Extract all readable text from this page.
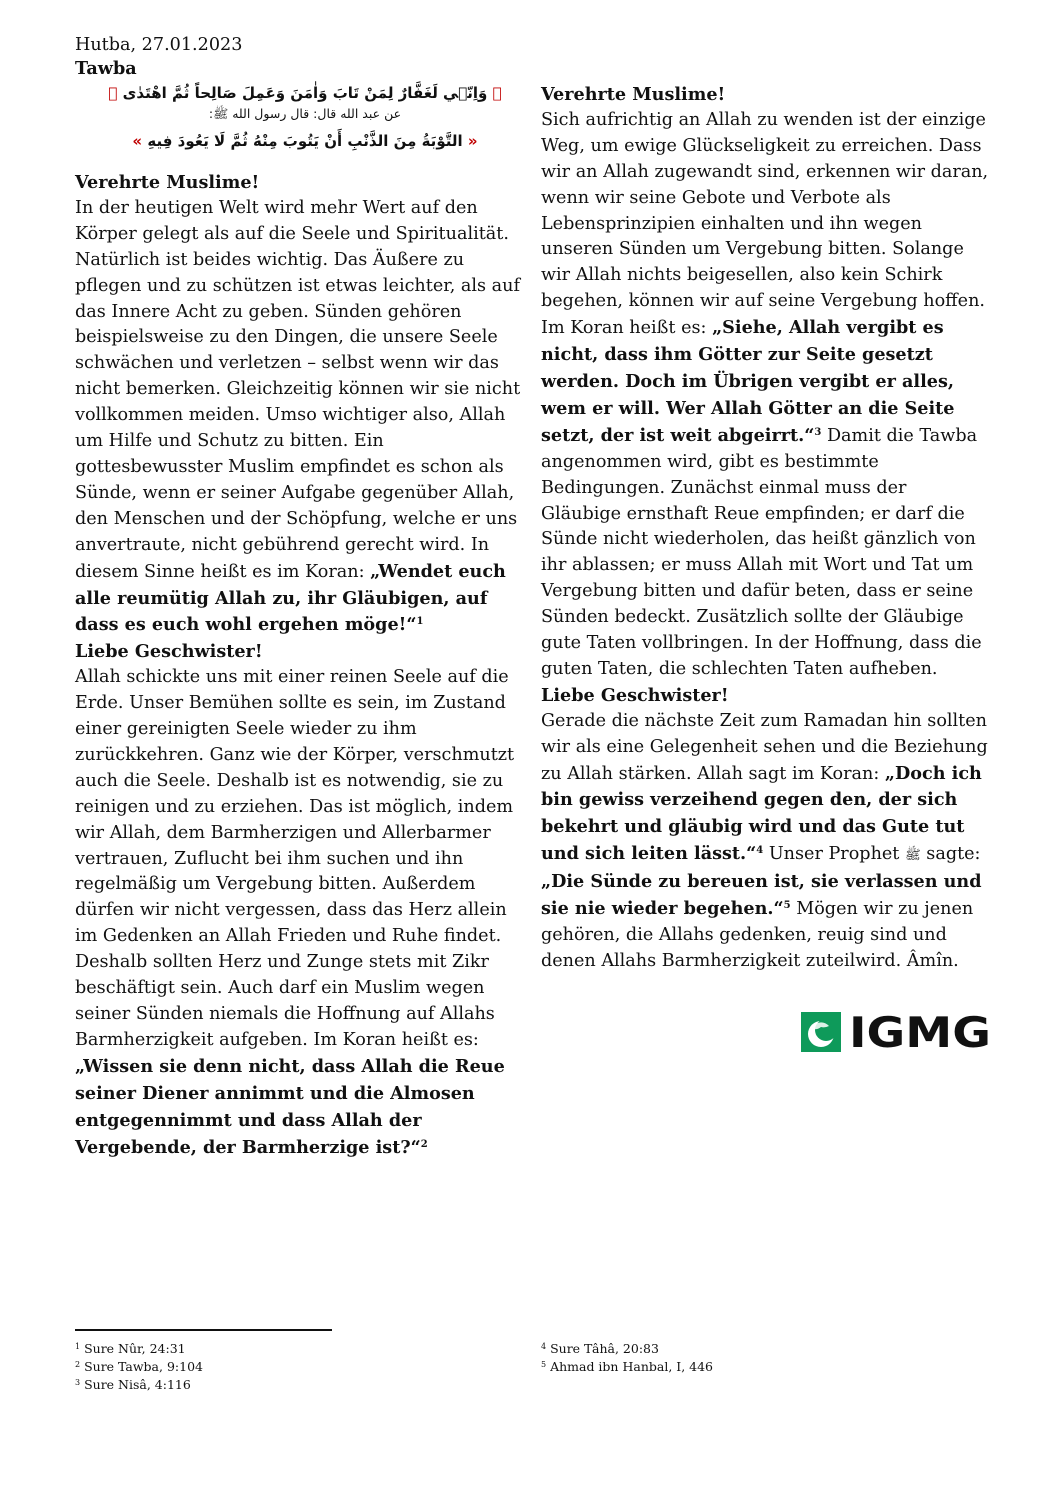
Hutba, 27.01.2023
Tawba
﴿ وَاِنّ۪ي لَغَفَّارٌ لِمَنْ تَابَ وَاٰمَنَ وَعَمِلَ صَالِحاً ثُمَّ اهْتَدٰى ﴾
عن عبد الله قال: قال رسول الله ﷺ:
« التَّوْبَةُ مِنَ الذَّنْبِ أَنْ يَتُوبَ مِنْهُ ثُمَّ لَا يَعُودَ فِيهِ »

Verehrte Muslime!

In der heutigen Welt wird mehr Wert auf den Körper gelegt als auf die Seele und Spiritualität. Natürlich ist beides wichtig. Das Äußere zu pflegen und zu schützen ist etwas leichter, als auf das Innere Acht zu geben. Sünden gehören beispielsweise zu den Dingen, die unsere Seele schwächen und verletzen – selbst wenn wir das nicht bemerken. Gleichzeitig können wir sie nicht vollkommen meiden. Umso wichtiger also, Allah um Hilfe und Schutz zu bitten. Ein gottesbewusster Muslim empfindet es schon als Sünde, wenn er seiner Aufgabe gegenüber Allah, den Menschen und der Schöpfung, welche er uns anvertraute, nicht gebührend gerecht wird. In diesem Sinne heißt es im Koran: „Wendet euch alle reumütig Allah zu, ihr Gläubigen, auf dass es euch wohl ergehen möge!“$^1$

Liebe Geschwister!

Allah schickte uns mit einer reinen Seele auf die Erde. Unser Bemühen sollte es sein, im Zustand einer gereinigten Seele wieder zu ihm zurückkehren. Ganz wie der Körper, verschmutzt auch die Seele. Deshalb ist es notwendig, sie zu reinigen und zu erziehen. Das ist möglich, indem wir Allah, dem Barmherzigen und Allerbarmer vertrauen, Zuflucht bei ihm suchen und ihn regelmäßig um Vergebung bitten. Außerdem dürfen wir nicht vergessen, dass das Herz allein im Gedenken an Allah Frieden und Ruhe findet. Deshalb sollten Herz und Zunge stets mit Zikr beschäftigt sein. Auch darf ein Muslim wegen seiner Sünden niemals die Hoffnung auf Allahs Barmherzigkeit aufgeben. Im Koran heißt es:

„Wissen sie denn nicht, dass Allah die Reue seiner Diener annimmt und die Almosen entgegennimmt und dass Allah der Vergebende, der Barmherzige ist?“$^2$

Verehrte Muslime!

Sich aufrichtig an Allah zu wenden ist der einzige Weg, um ewige Glückseligkeit zu erreichen. Dass wir an Allah zugewandt sind, erkennen wir daran, wenn wir seine Gebote und Verbote als Lebensprinzipien einhalten und ihn wegen unseren Sünden um Vergebung bitten. Solange wir Allah nichts beigesellen, also kein Schirk begehen, können wir auf seine Vergebung hoffen. Im Koran heißt es: „Siehe, Allah vergibt es nicht, dass ihm Götter zur Seite gesetzt werden. Doch im Übrigen vergibt er alles, wem er will. Wer Allah Götter an die Seite setzt, der ist weit abgeirrt.“$^3$ Damit die Tawba angenommen wird, gibt es bestimmte Bedingungen. Zunächst einmal muss der Gläubige ernsthaft Reue empfinden; er darf die Sünde nicht wiederholen, das heißt gänzlich von ihr ablassen; er muss Allah mit Wort und Tat um Vergebung bitten und dafür beten, dass er seine Sünden bedeckt. Zusätzlich sollte der Gläubige gute Taten vollbringen. In der Hoffnung, dass die guten Taten, die schlechten Taten aufheben.

Liebe Geschwister!

Gerade die nächste Zeit zum Ramadan hin sollten wir als eine Gelegenheit sehen und die Beziehung zu Allah stärken. Allah sagt im Koran: „Doch ich bin gewiss verzeihend gegen den, der sich bekehrt und gläubig wird und das Gute tut und sich leiten lässt.“$^4$ Unser Prophet ﷺ sagte: „Die Sünde zu bereuen ist, sie verlassen und sie nie wieder begehen.“$^5$ Mögen wir zu jenen gehören, die Allahs gedenken, reuig sind und denen Allahs Barmherzigkeit zuteilwird. Âmîn.

IGMG
$^1$ Sure Nûr, 24:31
$^2$ Sure Tawba, 9:104
$^3$ Sure Nisâ, 4:116
$^4$ Sure Tâhâ, 20:83
$^5$ Ahmad ibn Hanbal, I, 446
